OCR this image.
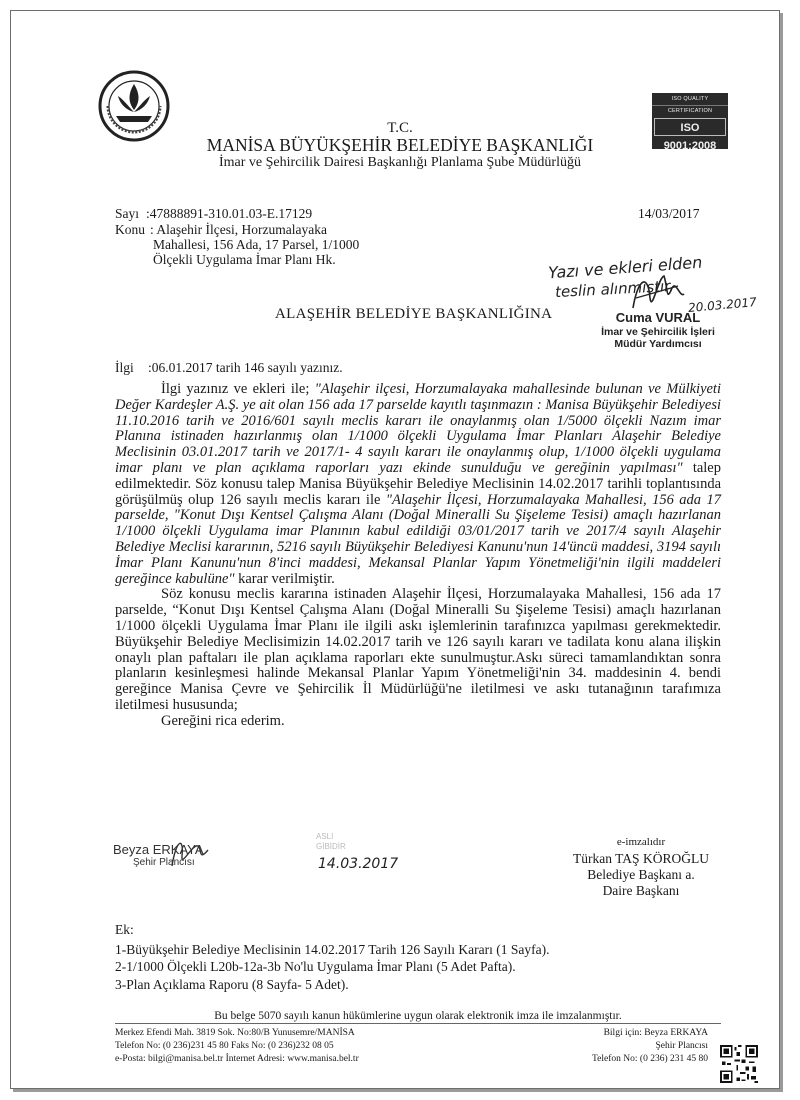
ISO QUALITY CERTIFICATION
ISO 9001:2008
T.C.
MANİSA BÜYÜKŞEHİR BELEDİYE BAŞKANLIĞI
İmar ve Şehircilik Dairesi Başkanlığı Planlama Şube Müdürlüğü
Sayı :47888891-310.01.03-E.17129
Konu : Alaşehir İlçesi, Horzumalayaka
Mahallesi, 156 Ada, 17 Parsel, 1/1000
Ölçekli Uygulama İmar Planı Hk.
14/03/2017
Yazı ve ekleri elden
teslin alınmıştır.
20.03.2017
Cuma VURAL
İmar ve Şehircilik İşleri
Müdür Yardımcısı
ALAŞEHİR BELEDİYE BAŞKANLIĞINA
İlgi :06.01.2017 tarih 146 sayılı yazınız.

İlgi yazınız ve ekleri ile; "Alaşehir ilçesi, Horzumalayaka mahallesinde bulunan ve Mülkiyeti Değer Kardeşler A.Ş. ye ait olan 156 ada 17 parselde kayıtlı taşınmazın : Manisa Büyükşehir Belediyesi 11.10.2016 tarih ve 2016/601 sayılı meclis kararı ile onaylanmış olan 1/5000 ölçekli Nazım imar Planına istinaden hazırlanmış olan 1/1000 ölçekli Uygulama İmar Planları Alaşehir Belediye Meclisinin 03.01.2017 tarih ve 2017/1- 4 sayılı kararı ile onaylanmış olup, 1/1000 ölçekli uygulama imar planı ve plan açıklama raporları yazı ekinde sunulduğu ve gereğinin yapılması" talep edilmektedir. Söz konusu talep Manisa Büyükşehir Belediye Meclisinin 14.02.2017 tarihli toplantısında görüşülmüş olup 126 sayılı meclis kararı ile "Alaşehir İlçesi, Horzumalayaka Mahallesi, 156 ada 17 parselde, "Konut Dışı Kentsel Çalışma Alanı (Doğal Mineralli Su Şişeleme Tesisi) amaçlı hazırlanan 1/1000 ölçekli Uygulama imar Planının kabul edildiği 03/01/2017 tarih ve 2017/4 sayılı Alaşehir Belediye Meclisi kararının, 5216 sayılı Büyükşehir Belediyesi Kanunu'nun 14'üncü maddesi, 3194 sayılı İmar Planı Kanunu'nun 8'inci maddesi, Mekansal Planlar Yapım Yönetmeliği'nin ilgili maddeleri gereğince kabulüne" karar verilmiştir.

Söz konusu meclis kararına istinaden Alaşehir İlçesi, Horzumalayaka Mahallesi, 156 ada 17 parselde, “Konut Dışı Kentsel Çalışma Alanı (Doğal Mineralli Su Şişeleme Tesisi) amaçlı hazırlanan 1/1000 ölçekli Uygulama İmar Planı ile ilgili askı işlemlerinin tarafınızca yapılması gerekmektedir. Büyükşehir Belediye Meclisimizin 14.02.2017 tarih ve 126 sayılı kararı ve tadilata konu alana ilişkin onaylı plan paftaları ile plan açıklama raporları ekte sunulmuştur.Askı süreci tamamlandıktan sonra planların kesinleşmesi halinde Mekansal Planlar Yapım Yönetmeliği'nin 34. maddesinin 4. bendi gereğince Manisa Çevre ve Şehircilik İl Müdürlüğü'ne iletilmesi ve askı tutanağının tarafımıza iletilmesi hususunda;

Gereğini rica ederim.

Beyza ERKAYA
Şehir Plancısı
ASLI
GİBİDİR
14.03.2017
e-imzalıdır
Türkan TAŞ KÖROĞLU
Belediye Başkanı a.
Daire Başkanı
Ek:
1-Büyükşehir Belediye Meclisinin 14.02.2017 Tarih 126 Sayılı Kararı (1 Sayfa).
2-1/1000 Ölçekli L20b-12a-3b No'lu Uygulama İmar Planı (5 Adet Pafta).
3-Plan Açıklama Raporu (8 Sayfa- 5 Adet).
Bu belge 5070 sayılı kanun hükümlerine uygun olarak elektronik imza ile imzalanmıştır.
Merkez Efendi Mah. 3819 Sok. No:80/B Yunusemre/MANİSA
Telefon No: (0 236)231 45 80 Faks No: (0 236)232 08 05
e-Posta: bilgi@manisa.bel.tr İnternet Adresi: www.manisa.bel.tr
Bilgi için: Beyza ERKAYA
Şehir Plancısı
Telefon No: (0 236) 231 45 80
